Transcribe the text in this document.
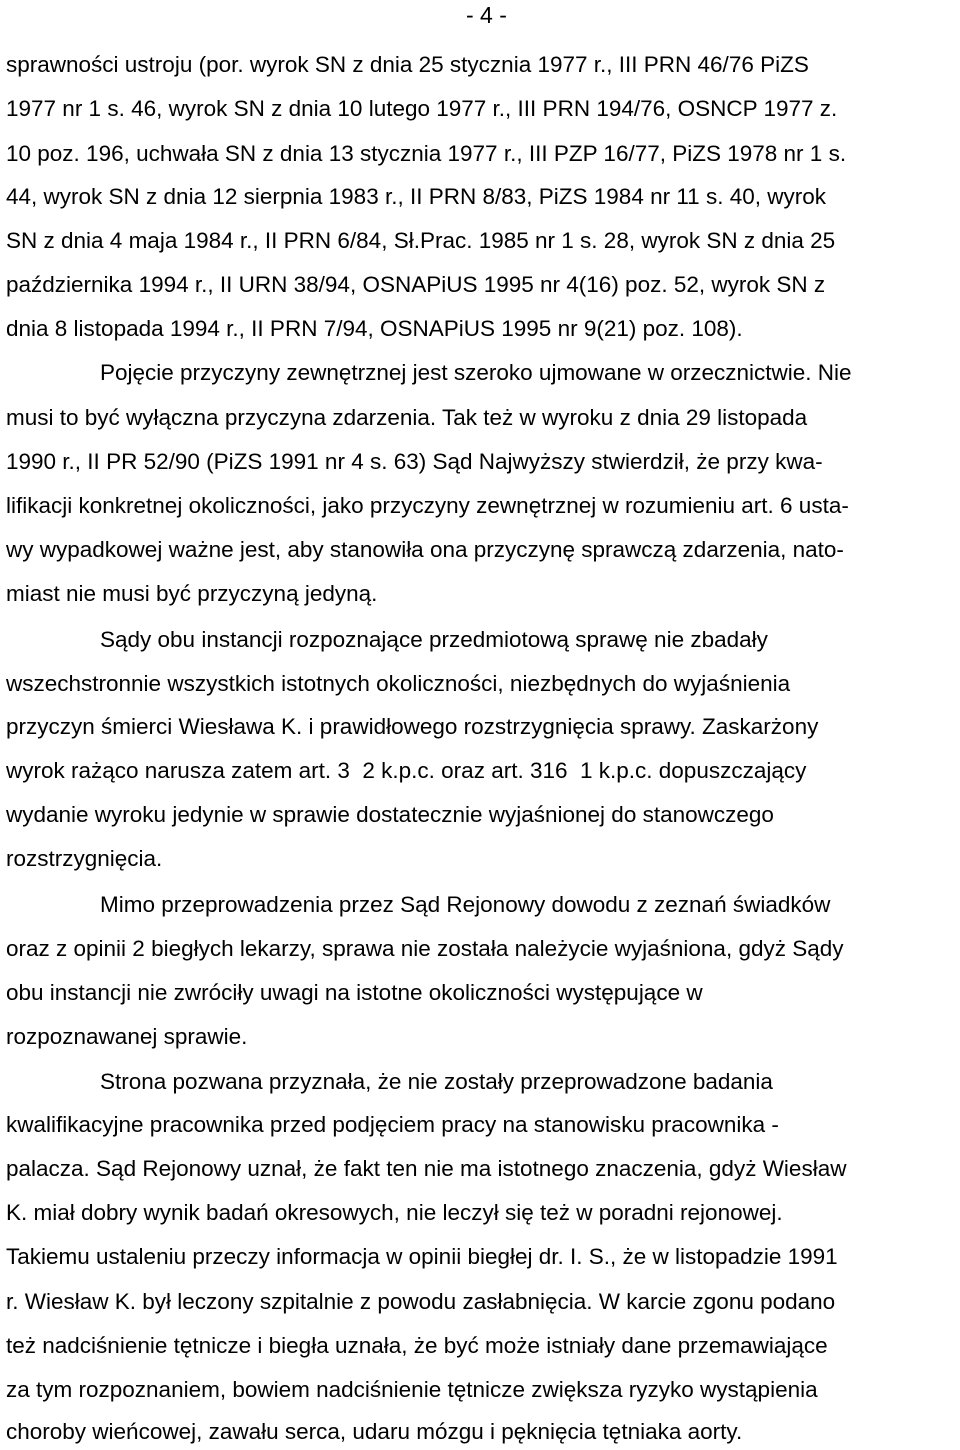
- 4 -
sprawności ustroju (por. wyrok SN z dnia 25 stycznia 1977 r., III PRN 46/76 PiZS
1977 nr 1 s. 46, wyrok SN z dnia 10 lutego 1977 r., III PRN 194/76, OSNCP 1977 z.
10 poz. 196, uchwała SN z dnia 13 stycznia 1977 r., III PZP 16/77, PiZS 1978 nr 1 s.
44, wyrok SN z dnia 12 sierpnia 1983 r., II PRN 8/83, PiZS 1984 nr 11 s. 40, wyrok
SN z dnia 4 maja 1984 r., II PRN 6/84, Sł.Prac. 1985 nr 1 s. 28, wyrok SN z dnia 25
października 1994 r., II URN 38/94, OSNAPiUS 1995 nr 4(16) poz. 52, wyrok SN z
dnia 8 listopada 1994 r., II PRN 7/94, OSNAPiUS 1995 nr 9(21) poz. 108).
Pojęcie przyczyny zewnętrznej jest szeroko ujmowane w orzecznictwie. Nie
musi to być wyłączna przyczyna zdarzenia. Tak też w wyroku z dnia 29 listopada
1990 r., II PR 52/90 (PiZS 1991 nr 4 s. 63) Sąd Najwyższy stwierdził, że przy kwa-
lifikacji konkretnej okoliczności, jako przyczyny zewnętrznej w rozumieniu art. 6 usta-
wy wypadkowej ważne jest, aby stanowiła ona przyczynę sprawczą zdarzenia, nato-
miast nie musi być przyczyną jedyną.
Sądy obu instancji rozpoznające przedmiotową sprawę nie zbadały
wszechstronnie wszystkich istotnych okoliczności, niezbędnych do wyjaśnienia
przyczyn śmierci Wiesława K. i prawidłowego rozstrzygnięcia sprawy. Zaskarżony
wyrok rażąco narusza zatem art. 3  2 k.p.c. oraz art. 316  1 k.p.c. dopuszczający
wydanie wyroku jedynie w sprawie dostatecznie wyjaśnionej do stanowczego
rozstrzygnięcia.
Mimo przeprowadzenia przez Sąd Rejonowy dowodu z zeznań świadków
oraz z opinii 2 biegłych lekarzy, sprawa nie została należycie wyjaśniona, gdyż Sądy
obu instancji nie zwróciły uwagi na istotne okoliczności występujące w
rozpoznawanej sprawie.
Strona pozwana przyznała, że nie zostały przeprowadzone badania
kwalifikacyjne pracownika przed podjęciem pracy na stanowisku pracownika -
palacza. Sąd Rejonowy uznał, że fakt ten nie ma istotnego znaczenia, gdyż Wiesław
K. miał dobry wynik badań okresowych, nie leczył się też w poradni rejonowej.
Takiemu ustaleniu przeczy informacja w opinii biegłej dr. I. S., że w listopadzie 1991
r. Wiesław K. był leczony szpitalnie z powodu zasłabnięcia. W karcie zgonu podano
też nadciśnienie tętnicze i biegła uznała, że być może istniały dane przemawiające
za tym rozpoznaniem, bowiem nadciśnienie tętnicze zwiększa ryzyko wystąpienia
choroby wieńcowej, zawału serca, udaru mózgu i pęknięcia tętniaka aorty.
